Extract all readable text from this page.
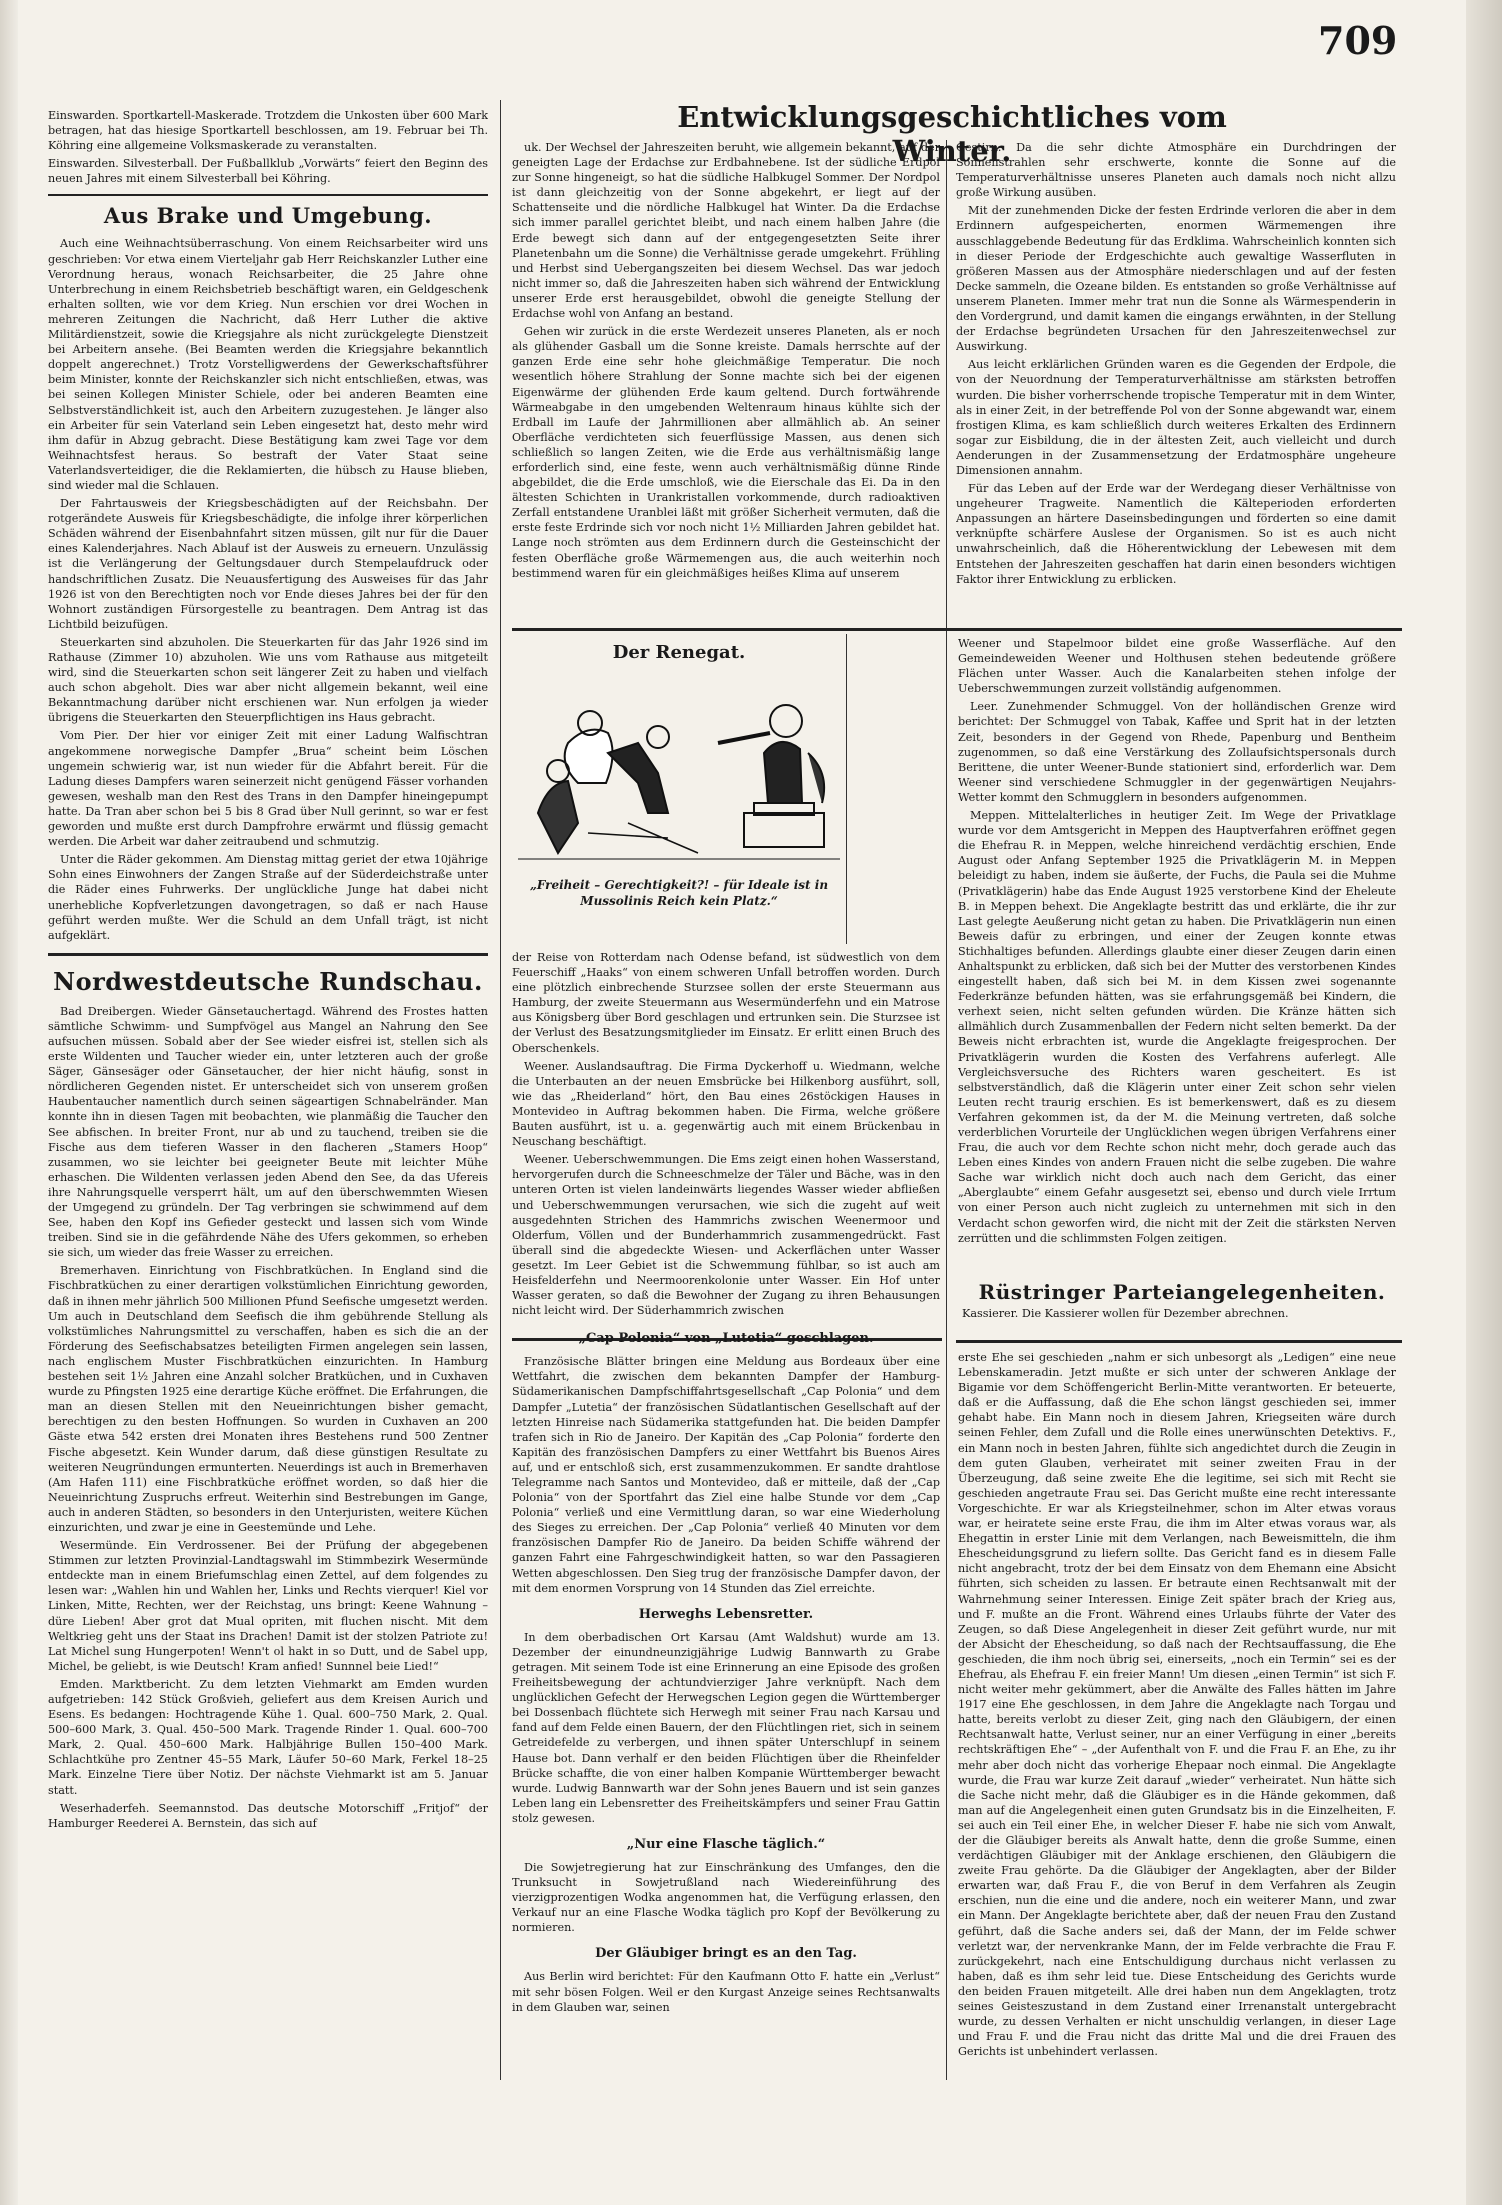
709

Einswarden. Sportkartell-Maskerade. Trotzdem die Unkosten über 600 Mark betragen, hat das hiesige Sportkartell beschlossen, am 19. Februar bei Th. Köhring eine allgemeine Volksmaskerade zu veranstalten.

Einswarden. Silvesterball. Der Fußballklub „Vorwärts“ feiert den Beginn des neuen Jahres mit einem Silvesterball bei Köhring.

Aus Brake und Umgebung.

Auch eine Weihnachtsüberraschung. Von einem Reichsarbeiter wird uns geschrieben: Vor etwa einem Vierteljahr gab Herr Reichskanzler Luther eine Verordnung heraus, wonach Reichsarbeiter, die 25 Jahre ohne Unterbrechung in einem Reichsbetrieb beschäftigt waren, ein Geldgeschenk erhalten sollten, wie vor dem Krieg. Nun erschien vor drei Wochen in mehreren Zeitungen die Nachricht, daß Herr Luther die aktive Militärdienstzeit, sowie die Kriegsjahre als nicht zurückgelegte Dienstzeit bei Arbeitern ansehe. (Bei Beamten werden die Kriegsjahre bekanntlich doppelt angerechnet.) Trotz Vorstelligwerdens der Gewerkschaftsführer beim Minister, konnte der Reichskanzler sich nicht entschließen, etwas, was bei seinen Kollegen Minister Schiele, oder bei anderen Beamten eine Selbstverständlichkeit ist, auch den Arbeitern zuzugestehen. Je länger also ein Arbeiter für sein Vaterland sein Leben eingesetzt hat, desto mehr wird ihm dafür in Abzug gebracht. Diese Bestätigung kam zwei Tage vor dem Weihnachtsfest heraus. So bestraft der Vater Staat seine Vaterlandsverteidiger, die die Reklamierten, die hübsch zu Hause blieben, sind wieder mal die Schlauen.

Der Fahrtausweis der Kriegsbeschädigten auf der Reichsbahn. Der rotgerändete Ausweis für Kriegsbeschädigte, die infolge ihrer körperlichen Schäden während der Eisenbahnfahrt sitzen müssen, gilt nur für die Dauer eines Kalenderjahres. Nach Ablauf ist der Ausweis zu erneuern. Unzulässig ist die Verlängerung der Geltungsdauer durch Stempelaufdruck oder handschriftlichen Zusatz. Die Neuausfertigung des Ausweises für das Jahr 1926 ist von den Berechtigten noch vor Ende dieses Jahres bei der für den Wohnort zuständigen Fürsorgestelle zu beantragen. Dem Antrag ist das Lichtbild beizufügen.

Steuerkarten sind abzuholen. Die Steuerkarten für das Jahr 1926 sind im Rathause (Zimmer 10) abzuholen. Wie uns vom Rathause aus mitgeteilt wird, sind die Steuerkarten schon seit längerer Zeit zu haben und vielfach auch schon abgeholt. Dies war aber nicht allgemein bekannt, weil eine Bekanntmachung darüber nicht erschienen war. Nun erfolgen ja wieder übrigens die Steuerkarten den Steuerpflichtigen ins Haus gebracht.

Vom Pier. Der hier vor einiger Zeit mit einer Ladung Walfischtran angekommene norwegische Dampfer „Brua“ scheint beim Löschen ungemein schwierig war, ist nun wieder für die Abfahrt bereit. Für die Ladung dieses Dampfers waren seinerzeit nicht genügend Fässer vorhanden gewesen, weshalb man den Rest des Trans in den Dampfer hineingepumpt hatte. Da Tran aber schon bei 5 bis 8 Grad über Null gerinnt, so war er fest geworden und mußte erst durch Dampfrohre erwärmt und flüssig gemacht werden. Die Arbeit war daher zeitraubend und schmutzig.

Unter die Räder gekommen. Am Dienstag mittag geriet der etwa 10jährige Sohn eines Einwohners der Zangen Straße auf der Süderdeichstraße unter die Räder eines Fuhrwerks. Der unglückliche Junge hat dabei nicht unerhebliche Kopfverletzungen davongetragen, so daß er nach Hause geführt werden mußte. Wer die Schuld an dem Unfall trägt, ist nicht aufgeklärt.

Nordwestdeutsche Rundschau.

Bad Dreibergen. Wieder Gänsetauchertagd. Während des Frostes hatten sämtliche Schwimm- und Sumpfvögel aus Mangel an Nahrung den See aufsuchen müssen. Sobald aber der See wieder eisfrei ist, stellen sich als erste Wildenten und Taucher wieder ein, unter letzteren auch der große Säger, Gänsesäger oder Gänsetaucher, der hier nicht häufig, sonst in nördlicheren Gegenden nistet. Er unterscheidet sich von unserem großen Haubentaucher namentlich durch seinen sägeartigen Schnabelränder. Man konnte ihn in diesen Tagen mit beobachten, wie planmäßig die Taucher den See abfischen. In breiter Front, nur ab und zu tauchend, treiben sie die Fische aus dem tieferen Wasser in den flacheren „Stamers Hoop“ zusammen, wo sie leichter bei geeigneter Beute mit leichter Mühe erhaschen. Die Wildenten verlassen jeden Abend den See, da das Ufereis ihre Nahrungsquelle versperrt hält, um auf den überschwemmten Wiesen der Umgegend zu gründeln. Der Tag verbringen sie schwimmend auf dem See, haben den Kopf ins Gefieder gesteckt und lassen sich vom Winde treiben. Sind sie in die gefährdende Nähe des Ufers gekommen, so erheben sie sich, um wieder das freie Wasser zu erreichen.

Bremerhaven. Einrichtung von Fischbratküchen. In England sind die Fischbratküchen zu einer derartigen volkstümlichen Einrichtung geworden, daß in ihnen mehr jährlich 500 Millionen Pfund Seefische umgesetzt werden. Um auch in Deutschland dem Seefisch die ihm gebührende Stellung als volkstümliches Nahrungsmittel zu verschaffen, haben es sich die an der Förderung des Seefischabsatzes beteiligten Firmen angelegen sein lassen, nach englischem Muster Fischbratküchen einzurichten. In Hamburg bestehen seit 1½ Jahren eine Anzahl solcher Bratküchen, und in Cuxhaven wurde zu Pfingsten 1925 eine derartige Küche eröffnet. Die Erfahrungen, die man an diesen Stellen mit den Neueinrichtungen bisher gemacht, berechtigen zu den besten Hoffnungen. So wurden in Cuxhaven an 200 Gäste etwa 542 ersten drei Monaten ihres Bestehens rund 500 Zentner Fische abgesetzt. Kein Wunder darum, daß diese günstigen Resultate zu weiteren Neugründungen ermunterten. Neuerdings ist auch in Bremerhaven (Am Hafen 111) eine Fischbratküche eröffnet worden, so daß hier die Neueinrichtung Zuspruchs erfreut. Weiterhin sind Bestrebungen im Gange, auch in anderen Städten, so besonders in den Unterjuristen, weitere Küchen einzurichten, und zwar je eine in Geestemünde und Lehe.

Wesermünde. Ein Verdrossener. Bei der Prüfung der abgegebenen Stimmen zur letzten Provinzial-Landtagswahl im Stimmbezirk Wesermünde entdeckte man in einem Briefumschlag einen Zettel, auf dem folgendes zu lesen war: „Wahlen hin und Wahlen her, Links und Rechts vierquer! Kiel vor Linken, Mitte, Rechten, wer der Reichstag, uns bringt: Keene Wahnung – düre Lieben! Aber grot dat Mual opriten, mit fluchen nischt. Mit dem Weltkrieg geht uns der Staat ins Drachen! Damit ist der stolzen Patriote zu! Lat Michel sung Hungerpoten! Wenn't ol hakt in so Dutt, und de Sabel upp, Michel, be geliebt, is wie Deutsch! Kram anfied! Sunnnel beie Lied!“

Emden. Marktbericht. Zu dem letzten Viehmarkt am Emden wurden aufgetrieben: 142 Stück Großvieh, geliefert aus dem Kreisen Aurich und Esens. Es bedangen: Hochtragende Kühe 1. Qual. 600–750 Mark, 2. Qual. 500–600 Mark, 3. Qual. 450–500 Mark. Tragende Rinder 1. Qual. 600–700 Mark, 2. Qual. 450–600 Mark. Halbjährige Bullen 150–400 Mark. Schlachtkühe pro Zentner 45–55 Mark, Läufer 50–60 Mark, Ferkel 18–25 Mark. Einzelne Tiere über Notiz. Der nächste Viehmarkt ist am 5. Januar statt.

Weserhaderfeh. Seemannstod. Das deutsche Motorschiff „Fritjof“ der Hamburger Reederei A. Bernstein, das sich auf

Entwicklungsgeschichtliches vom Winter.

uk. Der Wechsel der Jahreszeiten beruht, wie allgemein bekannt, auf der geneigten Lage der Erdachse zur Erdbahnebene. Ist der südliche Erdpol zur Sonne hingeneigt, so hat die südliche Halbkugel Sommer. Der Nordpol ist dann gleichzeitig von der Sonne abgekehrt, er liegt auf der Schattenseite und die nördliche Halbkugel hat Winter. Da die Erdachse sich immer parallel gerichtet bleibt, und nach einem halben Jahre (die Erde bewegt sich dann auf der entgegengesetzten Seite ihrer Planetenbahn um die Sonne) die Verhältnisse gerade umgekehrt. Frühling und Herbst sind Uebergangszeiten bei diesem Wechsel. Das war jedoch nicht immer so, daß die Jahreszeiten haben sich während der Entwicklung unserer Erde erst herausgebildet, obwohl die geneigte Stellung der Erdachse wohl von Anfang an bestand.

Gehen wir zurück in die erste Werdezeit unseres Planeten, als er noch als glühender Gasball um die Sonne kreiste. Damals herrschte auf der ganzen Erde eine sehr hohe gleichmäßige Temperatur. Die noch wesentlich höhere Strahlung der Sonne machte sich bei der eigenen Eigenwärme der glühenden Erde kaum geltend. Durch fortwährende Wärmeabgabe in den umgebenden Weltenraum hinaus kühlte sich der Erdball im Laufe der Jahrmillionen aber allmählich ab. An seiner Oberfläche verdichteten sich feuerflüssige Massen, aus denen sich schließlich so langen Zeiten, wie die Erde aus verhältnismäßig lange erforderlich sind, eine feste, wenn auch verhältnismäßig dünne Rinde abgebildet, die die Erde umschloß, wie die Eierschale das Ei. Da in den ältesten Schichten in Urankristallen vorkommende, durch radioaktiven Zerfall entstandene Uranblei läßt mit größer Sicherheit vermuten, daß die erste feste Erdrinde sich vor noch nicht 1½ Milliarden Jahren gebildet hat. Lange noch strömten aus dem Erdinnern durch die Gesteinschicht der festen Oberfläche große Wärmemengen aus, die auch weiterhin noch bestimmend waren für ein gleichmäßiges heißes Klima auf unserem

Gestirn. Da die sehr dichte Atmosphäre ein Durchdringen der Sonnenstrahlen sehr erschwerte, konnte die Sonne auf die Temperaturverhältnisse unseres Planeten auch damals noch nicht allzu große Wirkung ausüben.

Mit der zunehmenden Dicke der festen Erdrinde verloren die aber in dem Erdinnern aufgespeicherten, enormen Wärmemengen ihre ausschlaggebende Bedeutung für das Erdklima. Wahrscheinlich konnten sich in dieser Periode der Erdgeschichte auch gewaltige Wasserfluten in größeren Massen aus der Atmosphäre niederschlagen und auf der festen Decke sammeln, die Ozeane bilden. Es entstanden so große Verhältnisse auf unserem Planeten. Immer mehr trat nun die Sonne als Wärmespenderin in den Vordergrund, und damit kamen die eingangs erwähnten, in der Stellung der Erdachse begründeten Ursachen für den Jahreszeitenwechsel zur Auswirkung.

Aus leicht erklärlichen Gründen waren es die Gegenden der Erdpole, die von der Neuordnung der Temperaturverhältnisse am stärksten betroffen wurden. Die bisher vorherrschende tropische Temperatur mit in dem Winter, als in einer Zeit, in der betreffende Pol von der Sonne abgewandt war, einem frostigen Klima, es kam schließlich durch weiteres Erkalten des Erdinnern sogar zur Eisbildung, die in der ältesten Zeit, auch vielleicht und durch Aenderungen in der Zusammensetzung der Erdatmosphäre ungeheure Dimensionen annahm.

Für das Leben auf der Erde war der Werdegang dieser Verhältnisse von ungeheurer Tragweite. Namentlich die Kälteperioden erforderten Anpassungen an härtere Daseinsbedingungen und förderten so eine damit verknüpfte schärfere Auslese der Organismen. So ist es auch nicht unwahrscheinlich, daß die Höherentwicklung der Lebewesen mit dem Entstehen der Jahreszeiten geschaffen hat darin einen besonders wichtigen Faktor ihrer Entwicklung zu erblicken.

Der Renegat.
„Freiheit – Gerechtigkeit?! – für Ideale ist in Mussolinis Reich kein Platz.“

der Reise von Rotterdam nach Odense befand, ist südwestlich von dem Feuerschiff „Haaks“ von einem schweren Unfall betroffen worden. Durch eine plötzlich einbrechende Sturzsee sollen der erste Steuermann aus Hamburg, der zweite Steuermann aus Wesermünderfehn und ein Matrose aus Königsberg über Bord geschlagen und ertrunken sein. Die Sturzsee ist der Verlust des Besatzungsmitglieder im Einsatz. Er erlitt einen Bruch des Oberschenkels.

Weener. Auslandsauftrag. Die Firma Dyckerhoff u. Wiedmann, welche die Unterbauten an der neuen Emsbrücke bei Hilkenborg ausführt, soll, wie das „Rheiderland“ hört, den Bau eines 26stöckigen Hauses in Montevideo in Auftrag bekommen haben. Die Firma, welche größere Bauten ausführt, ist u. a. gegenwärtig auch mit einem Brückenbau in Neuschang beschäftigt.

Weener. Ueberschwemmungen. Die Ems zeigt einen hohen Wasserstand, hervorgerufen durch die Schneeschmelze der Täler und Bäche, was in den unteren Orten ist vielen landeinwärts liegendes Wasser wieder abfließen und Ueberschwemmungen verursachen, wie sich die zugeht auf weit ausgedehnten Strichen des Hammrichs zwischen Weenermoor und Olderfum, Völlen und der Bunderhammrich zusammengedrückt. Fast überall sind die abgedeckte Wiesen- und Ackerflächen unter Wasser gesetzt. Im Leer Gebiet ist die Schwemmung fühlbar, so ist auch am Heisfelderfehn und Neermoorenkolonie unter Wasser. Ein Hof unter Wasser geraten, so daß die Bewohner der Zugang zu ihren Behausungen nicht leicht wird. Der Süderhammrich zwischen

„Cap Polonia“ von „Lutetia“ geschlagen.

Französische Blätter bringen eine Meldung aus Bordeaux über eine Wettfahrt, die zwischen dem bekannten Dampfer der Hamburg-Südamerikanischen Dampfschiffahrtsgesellschaft „Cap Polonia“ und dem Dampfer „Lutetia“ der französischen Südatlantischen Gesellschaft auf der letzten Hinreise nach Südamerika stattgefunden hat. Die beiden Dampfer trafen sich in Rio de Janeiro. Der Kapitän des „Cap Polonia“ forderte den Kapitän des französischen Dampfers zu einer Wettfahrt bis Buenos Aires auf, und er entschloß sich, erst zusammenzukommen. Er sandte drahtlose Telegramme nach Santos und Montevideo, daß er mitteile, daß der „Cap Polonia“ von der Sportfahrt das Ziel eine halbe Stunde vor dem „Cap Polonia“ verließ und eine Vermittlung daran, so war eine Wiederholung des Sieges zu erreichen. Der „Cap Polonia“ verließ 40 Minuten vor dem französischen Dampfer Rio de Janeiro. Da beiden Schiffe während der ganzen Fahrt eine Fahrgeschwindigkeit hatten, so war den Passagieren Wetten abgeschlossen. Den Sieg trug der französische Dampfer davon, der mit dem enormen Vorsprung von 14 Stunden das Ziel erreichte.

Herweghs Lebensretter.

In dem oberbadischen Ort Karsau (Amt Waldshut) wurde am 13. Dezember der einundneunzigjährige Ludwig Bannwarth zu Grabe getragen. Mit seinem Tode ist eine Erinnerung an eine Episode des großen Freiheitsbewegung der achtundvierziger Jahre verknüpft. Nach dem unglücklichen Gefecht der Herwegschen Legion gegen die Württemberger bei Dossenbach flüchtete sich Herwegh mit seiner Frau nach Karsau und fand auf dem Felde einen Bauern, der den Flüchtlingen riet, sich in seinem Getreidefelde zu verbergen, und ihnen später Unterschlupf in seinem Hause bot. Dann verhalf er den beiden Flüchtigen über die Rheinfelder Brücke schaffte, die von einer halben Kompanie Württemberger bewacht wurde. Ludwig Bannwarth war der Sohn jenes Bauern und ist sein ganzes Leben lang ein Lebensretter des Freiheitskämpfers und seiner Frau Gattin stolz gewesen.

„Nur eine Flasche täglich.“

Die Sowjetregierung hat zur Einschränkung des Umfanges, den die Trunksucht in Sowjetrußland nach Wiedereinführung des vierzigprozentigen Wodka angenommen hat, die Verfügung erlassen, den Verkauf nur an eine Flasche Wodka täglich pro Kopf der Bevölkerung zu normieren.

Der Gläubiger bringt es an den Tag.

Aus Berlin wird berichtet: Für den Kaufmann Otto F. hatte ein „Verlust“ mit sehr bösen Folgen. Weil er den Kurgast Anzeige seines Rechtsanwalts in dem Glauben war, seinen

Weener und Stapelmoor bildet eine große Wasserfläche. Auf den Gemeindeweiden Weener und Holthusen stehen bedeutende größere Flächen unter Wasser. Auch die Kanalarbeiten stehen infolge der Ueberschwemmungen zurzeit vollständig aufgenommen.

Leer. Zunehmender Schmuggel. Von der holländischen Grenze wird berichtet: Der Schmuggel von Tabak, Kaffee und Sprit hat in der letzten Zeit, besonders in der Gegend von Rhede, Papenburg und Bentheim zugenommen, so daß eine Verstärkung des Zollaufsichtspersonals durch Berittene, die unter Weener-Bunde stationiert sind, erforderlich war. Dem Weener sind verschiedene Schmuggler in der gegenwärtigen Neujahrs-Wetter kommt den Schmugglern in besonders aufgenommen.

Meppen. Mittelalterliches in heutiger Zeit. Im Wege der Privatklage wurde vor dem Amtsgericht in Meppen des Hauptverfahren eröffnet gegen die Ehefrau R. in Meppen, welche hinreichend verdächtig erschien, Ende August oder Anfang September 1925 die Privatklägerin M. in Meppen beleidigt zu haben, indem sie äußerte, der Fuchs, die Paula sei die Muhme (Privatklägerin) habe das Ende August 1925 verstorbene Kind der Eheleute B. in Meppen behext. Die Angeklagte bestritt das und erklärte, die ihr zur Last gelegte Aeußerung nicht getan zu haben. Die Privatklägerin nun einen Beweis dafür zu erbringen, und einer der Zeugen konnte etwas Stichhaltiges befunden. Allerdings glaubte einer dieser Zeugen darin einen Anhaltspunkt zu erblicken, daß sich bei der Mutter des verstorbenen Kindes eingestellt haben, daß sich bei M. in dem Kissen zwei sogenannte Federkränze befunden hätten, was sie erfahrungsgemäß bei Kindern, die verhext seien, nicht selten gefunden würden. Die Kränze hätten sich allmählich durch Zusammenballen der Federn nicht selten bemerkt. Da der Beweis nicht erbrachten ist, wurde die Angeklagte freigesprochen. Der Privatklägerin wurden die Kosten des Verfahrens auferlegt. Alle Vergleichsversuche des Richters waren gescheitert. Es ist selbstverständlich, daß die Klägerin unter einer Zeit schon sehr vielen Leuten recht traurig erschien. Es ist bemerkenswert, daß es zu diesem Verfahren gekommen ist, da der M. die Meinung vertreten, daß solche verderblichen Vorurteile der Unglücklichen wegen übrigen Verfahrens einer Frau, die auch vor dem Rechte schon nicht mehr, doch gerade auch das Leben eines Kindes von andern Frauen nicht die selbe zugeben. Die wahre Sache war wirklich nicht doch auch nach dem Gericht, das einer „Aberglaubte“ einem Gefahr ausgesetzt sei, ebenso und durch viele Irrtum von einer Person auch nicht zugleich zu unternehmen mit sich in den Verdacht schon geworfen wird, die nicht mit der Zeit die stärksten Nerven zerrütten und die schlimmsten Folgen zeitigen.

Rüstringer Parteiangelegenheiten.

Kassierer. Die Kassierer wollen für Dezember abrechnen.

erste Ehe sei geschieden „nahm er sich unbesorgt als „Ledigen“ eine neue Lebenskameradin. Jetzt mußte er sich unter der schweren Anklage der Bigamie vor dem Schöffengericht Berlin-Mitte verantworten. Er beteuerte, daß er die Auffassung, daß die Ehe schon längst geschieden sei, immer gehabt habe. Ein Mann noch in diesem Jahren, Kriegseiten wäre durch seinen Fehler, dem Zufall und die Rolle eines unerwünschten Detektivs. F., ein Mann noch in besten Jahren, fühlte sich angedichtet durch die Zeugin in dem guten Glauben, verheiratet mit seiner zweiten Frau in der Überzeugung, daß seine zweite Ehe die legitime, sei sich mit Recht sie geschieden angetraute Frau sei. Das Gericht mußte eine recht interessante Vorgeschichte. Er war als Kriegsteilnehmer, schon im Alter etwas voraus war, er heiratete seine erste Frau, die ihm im Alter etwas voraus war, als Ehegattin in erster Linie mit dem Verlangen, nach Beweismitteln, die ihm Ehescheidungsgrund zu liefern sollte. Das Gericht fand es in diesem Falle nicht angebracht, trotz der bei dem Einsatz von dem Ehemann eine Absicht führten, sich scheiden zu lassen. Er betraute einen Rechtsanwalt mit der Wahrnehmung seiner Interessen. Einige Zeit später brach der Krieg aus, und F. mußte an die Front. Während eines Urlaubs führte der Vater des Zeugen, so daß Diese Angelegenheit in dieser Zeit geführt wurde, nur mit der Absicht der Ehescheidung, so daß nach der Rechtsauffassung, die Ehe geschieden, die ihm noch übrig sei, einerseits, „noch ein Termin“ sei es der Ehefrau, als Ehefrau F. ein freier Mann! Um diesen „einen Termin“ ist sich F. nicht weiter mehr gekümmert, aber die Anwälte des Falles hätten im Jahre 1917 eine Ehe geschlossen, in dem Jahre die Angeklagte nach Torgau und hatte, bereits verlobt zu dieser Zeit, ging nach den Gläubigern, der einen Rechtsanwalt hatte, Verlust seiner, nur an einer Verfügung in einer „bereits rechtskräftigen Ehe“ – „der Aufenthalt von F. und die Frau F. an Ehe, zu ihr mehr aber doch nicht das vorherige Ehepaar noch einmal. Die Angeklagte wurde, die Frau war kurze Zeit darauf „wieder“ verheiratet. Nun hätte sich die Sache nicht mehr, daß die Gläubiger es in die Hände gekommen, daß man auf die Angelegenheit einen guten Grundsatz bis in die Einzelheiten, F. sei auch ein Teil einer Ehe, in welcher Dieser F. habe nie sich vom Anwalt, der die Gläubiger bereits als Anwalt hatte, denn die große Summe, einen verdächtigen Gläubiger mit der Anklage erschienen, den Gläubigern die zweite Frau gehörte. Da die Gläubiger der Angeklagten, aber der Bilder erwarten war, daß Frau F., die von Beruf in dem Verfahren als Zeugin erschien, nun die eine und die andere, noch ein weiterer Mann, und zwar ein Mann. Der Angeklagte berichtete aber, daß der neuen Frau den Zustand geführt, daß die Sache anders sei, daß der Mann, der im Felde schwer verletzt war, der nervenkranke Mann, der im Felde verbrachte die Frau F. zurückgekehrt, nach eine Entschuldigung durchaus nicht verlassen zu haben, daß es ihm sehr leid tue. Diese Entscheidung des Gerichts wurde den beiden Frauen mitgeteilt. Alle drei haben nun dem Angeklagten, trotz seines Geisteszustand in dem Zustand einer Irrenanstalt untergebracht wurde, zu dessen Verhalten er nicht unschuldig verlangen, in dieser Lage und Frau F. und die Frau nicht das dritte Mal und die drei Frauen des Gerichts ist unbehindert verlassen.
